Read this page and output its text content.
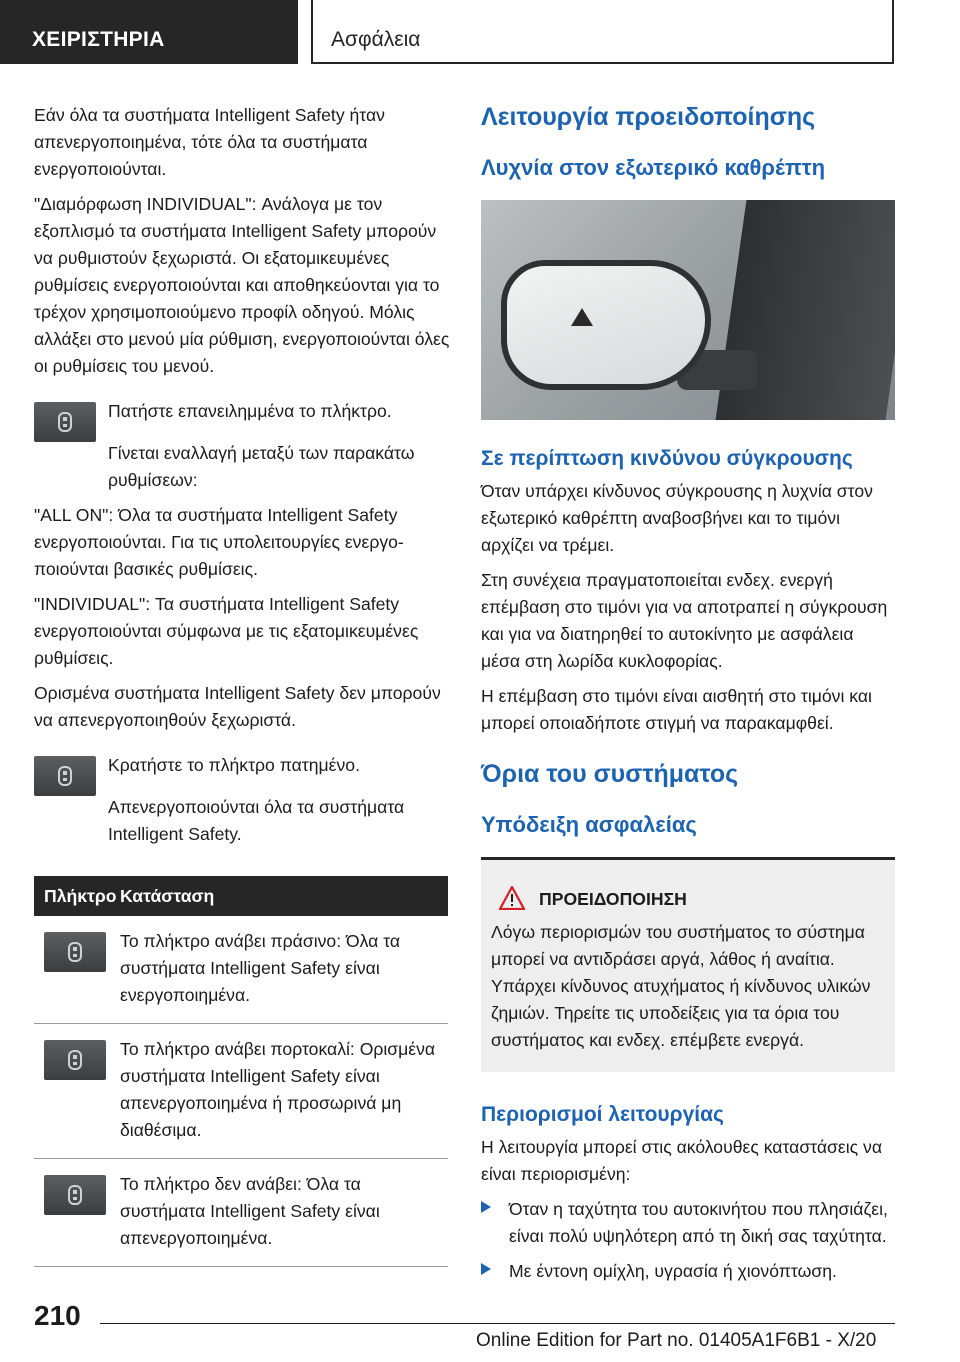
ΧΕΙΡΙΣΤΗΡΙΑ	Ασφάλεια

Εάν όλα τα συστήματα Intelligent Safety ήταν απενεργοποιημένα, τότε όλα τα συστήματα ενεργοποιούνται.

"Διαμόρφωση INDIVIDUAL": Ανάλογα με τον εξοπλισμό τα συστήματα Intelligent Safety μπορούν να ρυθμιστούν ξεχωριστά. Οι εξατομικευμένες ρυθμίσεις ενεργοποιούνται και αποθηκεύονται για το τρέχον χρησιμοποιούμενο προφίλ οδηγού. Μόλις αλλάξει στο μενού μία ρύθμιση, ενεργοποιούνται όλες οι ρυθμίσεις του μενού.

Πατήστε επανειλημμένα το πλήκτρο.

Γίνεται εναλλαγή μεταξύ των παρακάτω ρυθμίσεων:

"ALL ON": Όλα τα συστήματα Intelligent Safety ενεργοποιούνται. Για τις υπολειτουργίες ενεργοποιούνται βασικές ρυθμίσεις.

"INDIVIDUAL": Τα συστήματα Intelligent Safety ενεργοποιούνται σύμφωνα με τις εξατομικευμένες ρυθμίσεις.

Ορισμένα συστήματα Intelligent Safety δεν μπορούν να απενεργοποιηθούν ξεχωριστά.

Κρατήστε το πλήκτρο πατημένο.

Απενεργοποιούνται όλα τα συστήματα Intelligent Safety.

Πλήκτρο	Κατάσταση

	Το πλήκτρο ανάβει πράσινο: Όλα τα συστήματα Intelligent Safety είναι ενεργοποιημένα.

	Το πλήκτρο ανάβει πορτοκαλί: Ορισμένα συστήματα Intelligent Safety είναι απενεργοποιημένα ή προσωρινά μη διαθέσιμα.

	Το πλήκτρο δεν ανάβει: Όλα τα συστήματα Intelligent Safety είναι απενεργοποιημένα.
Λειτουργία προειδοποίησης
Λυχνία στον εξωτερικό καθρέπτη
Σε περίπτωση κινδύνου σύγκρουσης

Όταν υπάρχει κίνδυνος σύγκρουσης η λυχνία στον εξωτερικό καθρέπτη αναβοσβήνει και το τιμόνι αρχίζει να τρέμει.

Στη συνέχεια πραγματοποιείται ενδεχ. ενεργή επέμβαση στο τιμόνι για να αποτραπεί η σύγκρουση και για να διατηρηθεί το αυτοκίνητο με ασφάλεια μέσα στη λωρίδα κυκλοφορίας.

Η επέμβαση στο τιμόνι είναι αισθητή στο τιμόνι και μπορεί οποιαδήποτε στιγμή να παρακαμφθεί.

Όρια του συστήματος
Υπόδειξη ασφαλείας
ΠΡΟΕΙΔΟΠΟΙΗΣΗ

Λόγω περιορισμών του συστήματος το σύστημα μπορεί να αντιδράσει αργά, λάθος ή αναίτια. Υπάρχει κίνδυνος ατυχήματος ή κίνδυνος υλικών ζημιών. Τηρείτε τις υποδείξεις για τα όρια του συστήματος και ενδεχ. επέμβετε ενεργά.

Περιορισμοί λειτουργίας

Η λειτουργία μπορεί στις ακόλουθες καταστάσεις να είναι περιορισμένη:

Όταν η ταχύτητα του αυτοκινήτου που πλησιάζει, είναι πολύ υψηλότερη από τη δική σας ταχύτητα.
Με έντονη ομίχλη, υγρασία ή χιονόπτωση.
210
Online Edition for Part no. 01405A1F6B1 - X/20
